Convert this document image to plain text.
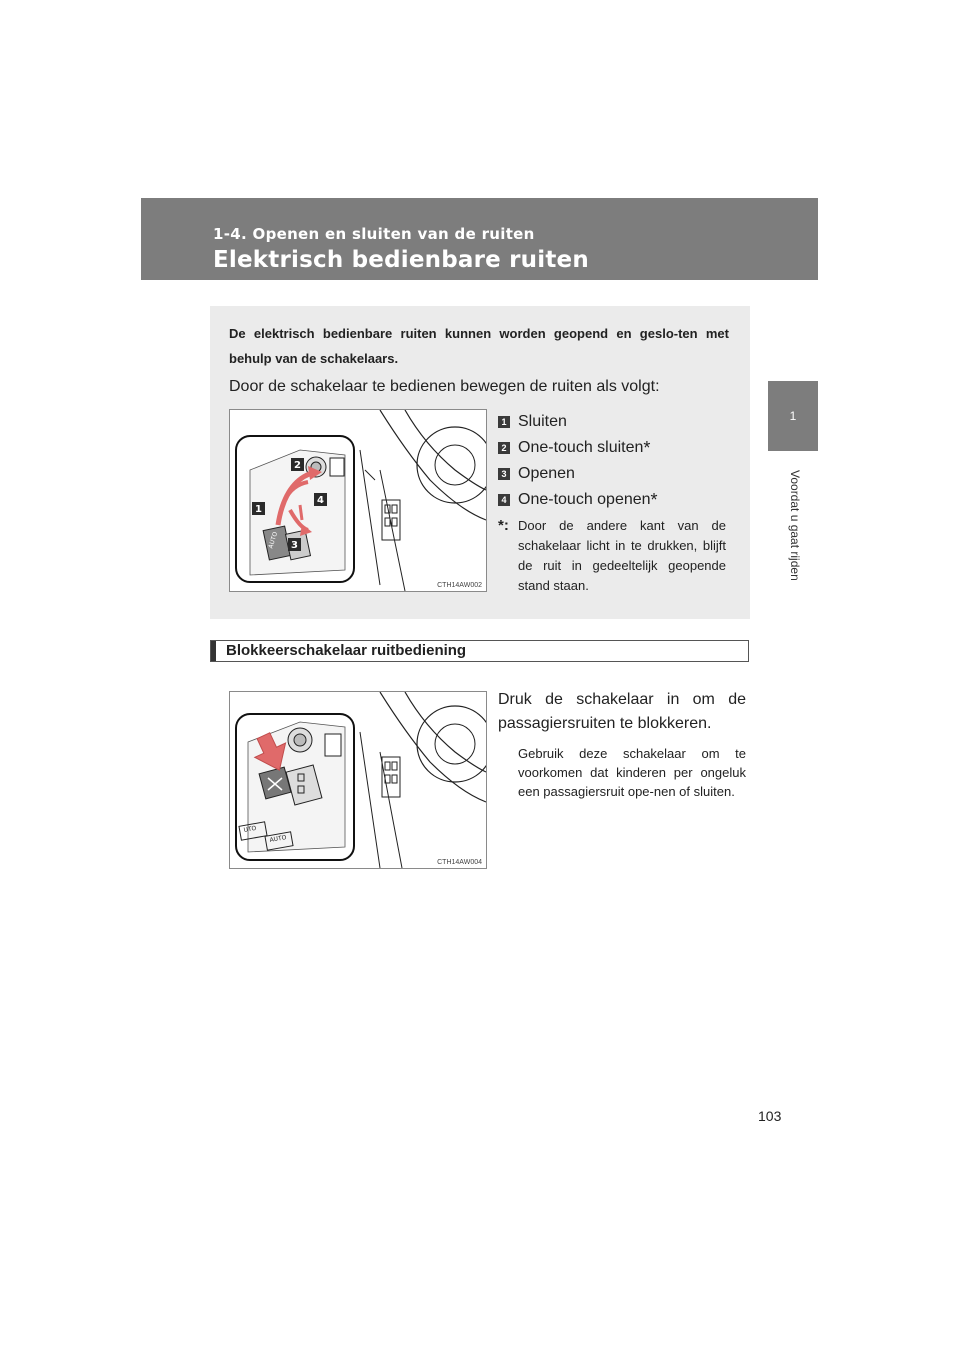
1-4. Openen en sluiten van de ruiten
Elektrisch bedienbare ruiten
1
Voordat u gaat rijden
De elektrisch bedienbare ruiten kunnen worden geopend en geslo-ten met behulp van de schakelaars.
Door de schakelaar te bedienen bewegen de ruiten als volgt:
AUTO
1
2
3
4
CTH14AW002
1 Sluiten
2 One-touch sluiten *
3 Openen
4 One-touch openen *
*: Door de andere kant van de schakelaar licht in te drukken, blijft de ruit in gedeeltelijk geopende stand staan.
Blokkeerschakelaar ruitbediening
UTO
AUTO
CTH14AW004
Druk de schakelaar in om de passagiersruiten te blokkeren.
Gebruik deze schakelaar om te voorkomen dat kinderen per ongeluk een passagiersruit ope-nen of sluiten.
103
